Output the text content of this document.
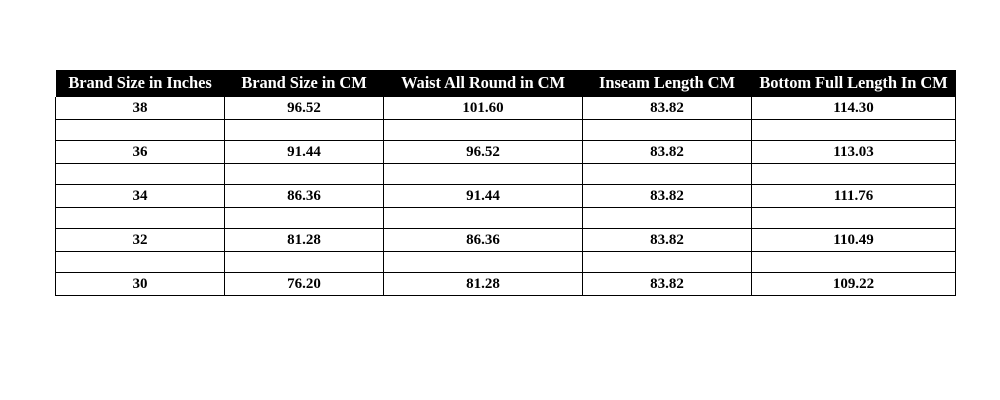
Brand Size in Inches	Brand Size in CM	Waist All Round in CM	Inseam Length CM	Bottom Full Length In CM
38	96.52	101.60	83.82	114.30

36	91.44	96.52	83.82	113.03

34	86.36	91.44	83.82	111.76

32	81.28	86.36	83.82	110.49

30	76.20	81.28	83.82	109.22
